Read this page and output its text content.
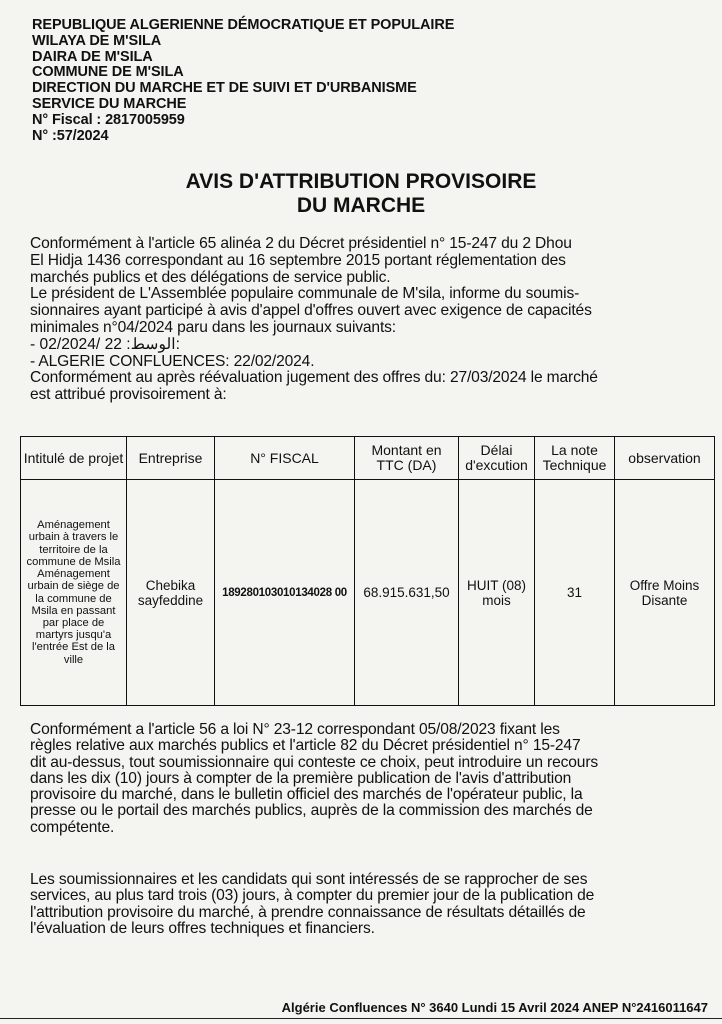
REPUBLIQUE ALGERIENNE DÉMOCRATIQUE ET POPULAIRE
WILAYA DE M'SILA
DAIRA DE M'SILA
COMMUNE DE M'SILA
DIRECTION DU MARCHE ET DE SUIVI ET D'URBANISME
SERVICE DU MARCHE
N° Fiscal : 2817005959
N° :57/2024
AVIS D'ATTRIBUTION PROVISOIRE
DU MARCHE
Conformément à l'article 65 alinéa 2 du Décret présidentiel n° 15-247 du 2 Dhou
El Hidja 1436 correspondant au 16 septembre 2015 portant réglementation des
marchés publics et des délégations de service public.
Le président de L'Assemblée populaire communale de M'sila, informe du soumis-
sionnaires ayant participé à avis d'appel d'offres ouvert avec exigence de capacités
minimales n°04/2024 paru dans les journaux suivants:
- الوسط: 22 /02/2024:
- ALGERIE CONFLUENCES: 22/02/2024.
Conformément au après réévaluation jugement des offres du: 27/03/2024 le marché
est attribué provisoirement à:
Intitulé de projet	Entreprise	N° FISCAL	Montant en TTC (DA)	Délai d'excution	La note Technique	observation
Aménagement urbain à travers le territoire de la commune de Msila Aménagement urbain de siège de la commune de Msila en passant par place de martyrs jusqu'a l'entrée Est de la ville	Chebika sayfeddine	189280103010134028 00	68.915.631,50	HUIT (08) mois	31	Offre Moins Disante
Conformément a l'article 56 a loi N° 23-12 correspondant 05/08/2023 fixant les
règles relative aux marchés publics et l'article 82 du Décret présidentiel n° 15-247
dit au-dessus, tout soumissionnaire qui conteste ce choix, peut introduire un recours
dans les dix (10) jours à compter de la première publication de l'avis d'attribution
provisoire du marché, dans le bulletin officiel des marchés de l'opérateur public, la
presse ou le portail des marchés publics, auprès de la commission des marchés de
compétente.
Les soumissionnaires et les candidats qui sont intéressés de se rapprocher de ses
services, au plus tard trois (03) jours, à compter du premier jour de la publication de
l'attribution provisoire du marché, à prendre connaissance de résultats détaillés de
l'évaluation de leurs offres techniques et financiers.
Algérie Confluences N° 3640 Lundi 15 Avril 2024 ANEP N°2416011647
